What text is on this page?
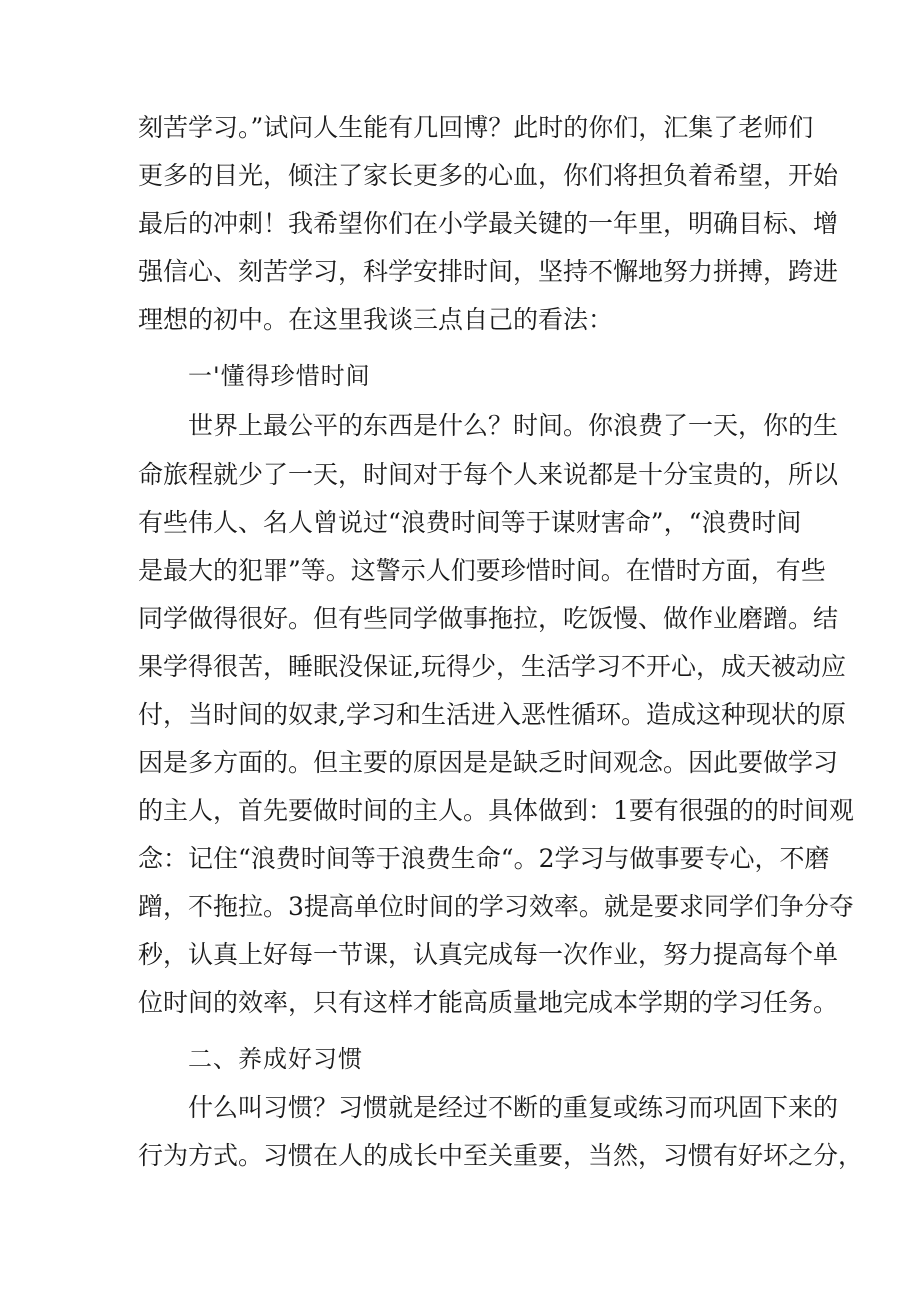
刻苦学习。”试问人生能有几回博？此时的你们，汇集了老师们
更多的目光，倾注了家长更多的心血，你们将担负着希望，开始
最后的冲刺！我希望你们在小学最关键的一年里，明确目标、增
强信心、刻苦学习，科学安排时间，坚持不懈地努力拼搏，跨进
理想的初中。在这里我谈三点自己的看法：
一'懂得珍惜时间
世界上最公平的东西是什么？时间。你浪费了一天，你的生
命旅程就少了一天，时间对于每个人来说都是十分宝贵的，所以
有些伟人、名人曾说过“浪费时间等于谋财害命”，“浪费时间
是最大的犯罪”等。这警示人们要珍惜时间。在惜时方面，有些
同学做得很好。但有些同学做事拖拉，吃饭慢、做作业磨蹭。结
果学得很苦，睡眠没保证,玩得少，生活学习不开心，成天被动应
付，当时间的奴隶,学习和生活进入恶性循环。造成这种现状的原
因是多方面的。但主要的原因是是缺乏时间观念。因此要做学习
的主人，首先要做时间的主人。具体做到：1要有很强的的时间观
念：记住“浪费时间等于浪费生命“。2学习与做事要专心，不磨
蹭，不拖拉。3提高单位时间的学习效率。就是要求同学们争分夺
秒，认真上好每一节课，认真完成每一次作业，努力提高每个单
位时间的效率，只有这样才能高质量地完成本学期的学习任务。
二、养成好习惯
什么叫习惯？习惯就是经过不断的重复或练习而巩固下来的
行为方式。习惯在人的成长中至关重要，当然，习惯有好坏之分，
